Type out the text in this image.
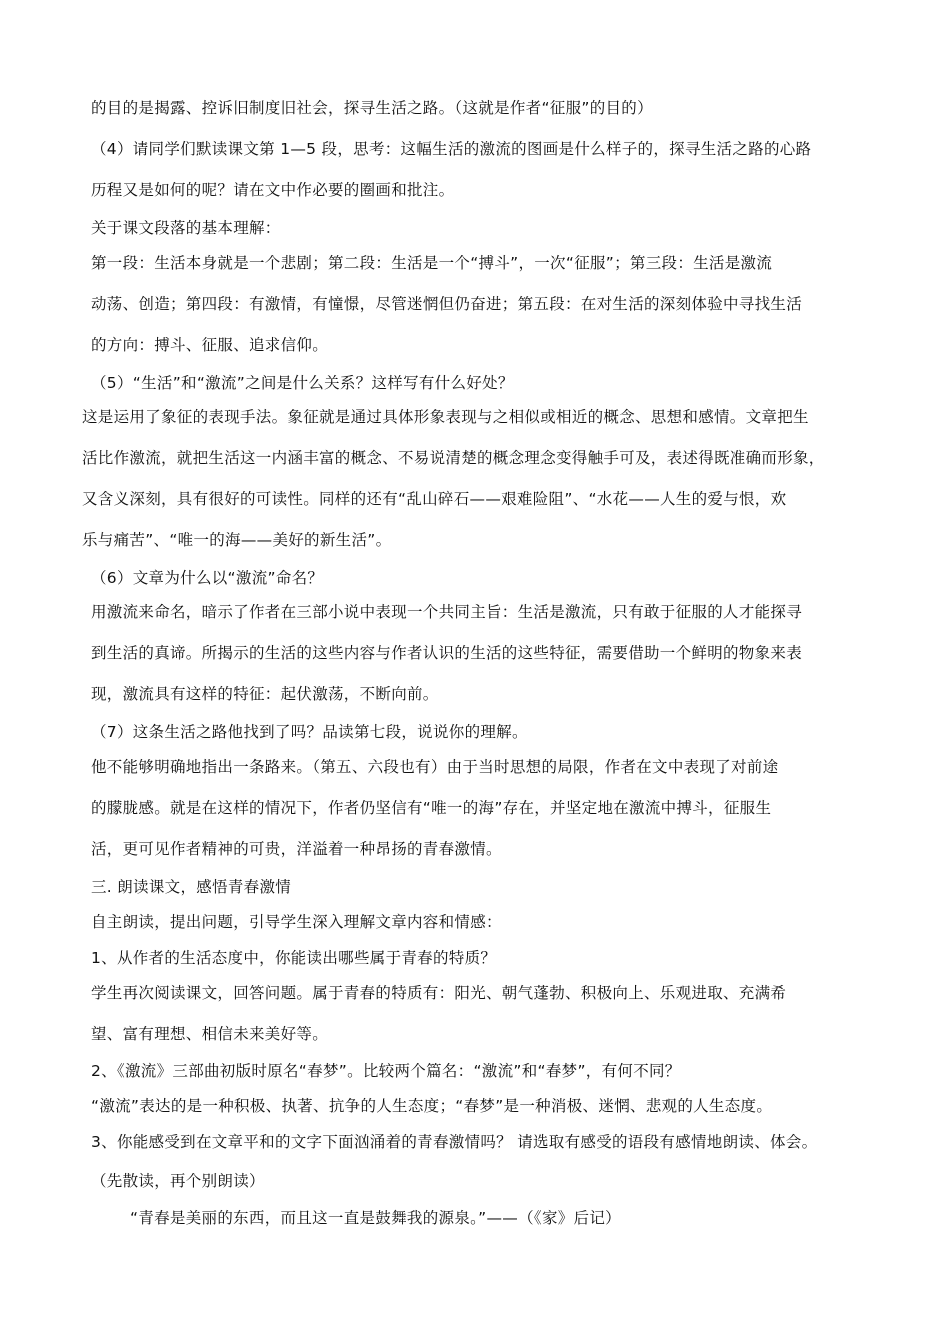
的目的是揭露、控诉旧制度旧社会，探寻生活之路。（这就是作者“征服”的目的）
（4）请同学们默读课文第 1—5 段，思考：这幅生活的激流的图画是什么样子的，探寻生活之路的心路
历程又是如何的呢？请在文中作必要的圈画和批注。
关于课文段落的基本理解：
第一段：生活本身就是一个悲剧；第二段：生活是一个“搏斗”，一次“征服”；第三段：生活是激流
动荡、创造；第四段：有激情，有憧憬，尽管迷惘但仍奋进；第五段：在对生活的深刻体验中寻找生活
的方向：搏斗、征服、追求信仰。
（5）“生活”和“激流”之间是什么关系？这样写有什么好处？
这是运用了象征的表现手法。象征就是通过具体形象表现与之相似或相近的概念、思想和感情。文章把生
活比作激流，就把生活这一内涵丰富的概念、不易说清楚的概念理念变得触手可及，表述得既准确而形象，
又含义深刻，具有很好的可读性。同样的还有“乱山碎石——艰难险阻”、“水花——人生的爱与恨，欢
乐与痛苦”、“唯一的海——美好的新生活”。
（6）文章为什么以“激流”命名？
用激流来命名，暗示了作者在三部小说中表现一个共同主旨：生活是激流，只有敢于征服的人才能探寻
到生活的真谛。所揭示的生活的这些内容与作者认识的生活的这些特征，需要借助一个鲜明的物象来表
现，激流具有这样的特征：起伏激荡，不断向前。
（7）这条生活之路他找到了吗？品读第七段，说说你的理解。
他不能够明确地指出一条路来。（第五、六段也有）由于当时思想的局限，作者在文中表现了对前途
的朦胧感。就是在这样的情况下，作者仍坚信有“唯一的海”存在，并坚定地在激流中搏斗，征服生
活，更可见作者精神的可贵，洋溢着一种昂扬的青春激情。
三. 朗读课文，感悟青春激情
自主朗读，提出问题，引导学生深入理解文章内容和情感：
1、从作者的生活态度中，你能读出哪些属于青春的特质？
学生再次阅读课文，回答问题。属于青春的特质有：阳光、朝气蓬勃、积极向上、乐观进取、充满希
望、富有理想、相信未来美好等。
2、《激流》三部曲初版时原名“春梦”。比较两个篇名：“激流”和“春梦”，有何不同？
“激流”表达的是一种积极、执著、抗争的人生态度；“春梦”是一种消极、迷惘、悲观的人生态度。
3、你能感受到在文章平和的文字下面汹涌着的青春激情吗？ 请选取有感受的语段有感情地朗读、体会。
（先散读，再个别朗读）
“青春是美丽的东西，而且这一直是鼓舞我的源泉。”——（《家》后记）
